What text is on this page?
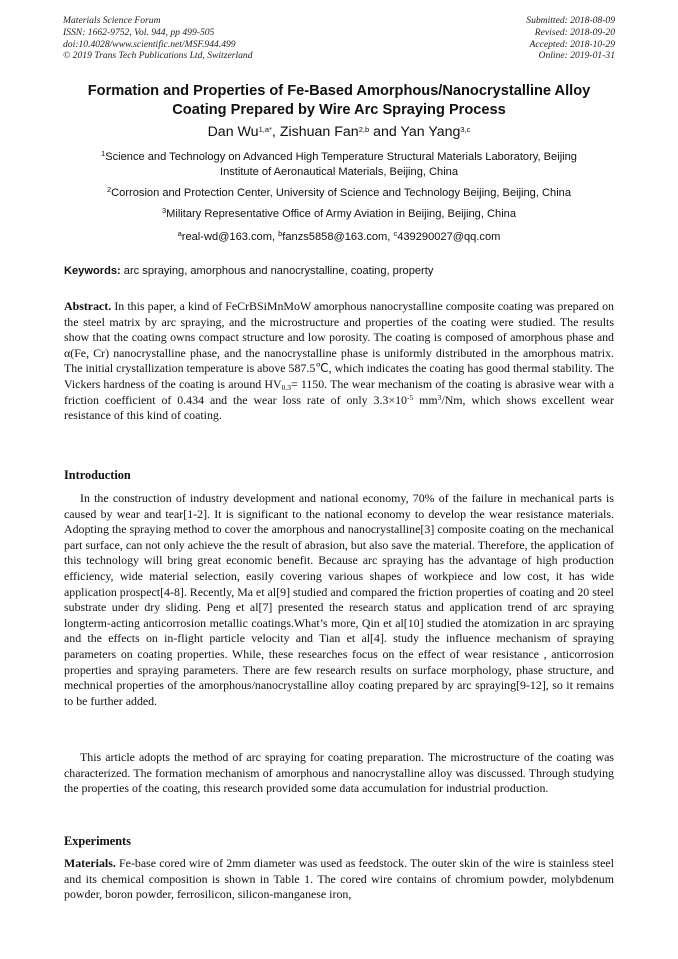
Materials Science Forum
ISSN: 1662-9752, Vol. 944, pp 499-505
doi:10.4028/www.scientific.net/MSF.944.499
© 2019 Trans Tech Publications Ltd, Switzerland
Submitted: 2018-08-09
Revised: 2018-09-20
Accepted: 2018-10-29
Online: 2019-01-31
Formation and Properties of Fe-Based Amorphous/Nanocrystalline Alloy
Coating Prepared by Wire Arc Spraying Process
Dan $Wu^{1,a*}$, Zishuan Fan$^{2,b}$ and Yan Yang$^{3,c}$
$^1$Science and Technology on Advanced High Temperature Structural Materials Laboratory, Beijing
Institute of Aeronautical Materials, Beijing, China
$^2$Corrosion and Protection Center, University of Science and Technology Beijing, Beijing, China
$^3$Military Representative Office of Army Aviation in Beijing, Beijing, China
$^a$real-wd@163.com, $^b$fanzs5858@163.com, $^c$439290027@qq.com
Keywords: arc spraying, amorphous and nanocrystalline, coating, property
Abstract. In this paper, a kind of FeCrBSiMnMoW amorphous nanocrystalline composite coating was prepared on the steel matrix by arc spraying, and the microstructure and properties of the coating were studied. The results show that the coating owns compact structure and low porosity. The coating is composed of amorphous phase and α(Fe, Cr) nanocrystalline phase, and the nanocrystalline phase is uniformly distributed in the amorphous matrix. The initial crystallization temperature is above 587.5℃, which indicates the coating has good thermal stability. The Vickers hardness of the coating is around $HV_{0.3}= 1150$. The wear mechanism of the coating is abrasive wear with a friction coefficient of 0.434 and the wear loss rate of only $3.3\times 10^{-5}$ $mm^3/Nm$, which shows excellent wear resistance of this kind of coating.
Introduction
In the construction of industry development and national economy, 70% of the failure in mechanical parts is caused by wear and tear[1-2]. It is significant to the national economy to develop the wear resistance materials. Adopting the spraying method to cover the amorphous and nanocrystalline[3] composite coating on the mechanical part surface, can not only achieve the the result of abrasion, but also save the material. Therefore, the application of this technology will bring great economic benefit. Because arc spraying has the advantage of high production efficiency, wide material selection, easily covering various shapes of workpiece and low cost, it has wide application prospect[4-8]. Recently, Ma et al[9] studied and compared the friction properties of coating and 20 steel substrate under dry sliding. Peng et al[7] presented the research status and application trend of arc spraying longterm-acting anticorrosion metallic coatings.What’s more, Qin et al[10] studied the atomization in arc spraying and the effects on in-flight particle velocity and Tian et al[4]. study the influence mechanism of spraying parameters on coating properties. While, these researches focus on the effect of wear resistance , anticorrosion properties and spraying parameters. There are few research results on surface morphology, phase structure, and mechnical properties of the amorphous/nanocrystalline alloy coating prepared by arc spraying[9-12], so it remains to be further added.
This article adopts the method of arc spraying for coating preparation. The microstructure of the coating was characterized. The formation mechanism of amorphous and nanocrystalline alloy was discussed. Through studying the properties of the coating, this research provided some data accumulation for industrial production.
Experiments
Materials. Fe-base cored wire of 2mm diameter was used as feedstock. The outer skin of the wire is stainless steel and its chemical composition is shown in Table 1. The cored wire contains of chromium powder, molybdenum powder, boron powder, ferrosilicon, silicon-manganese iron,
